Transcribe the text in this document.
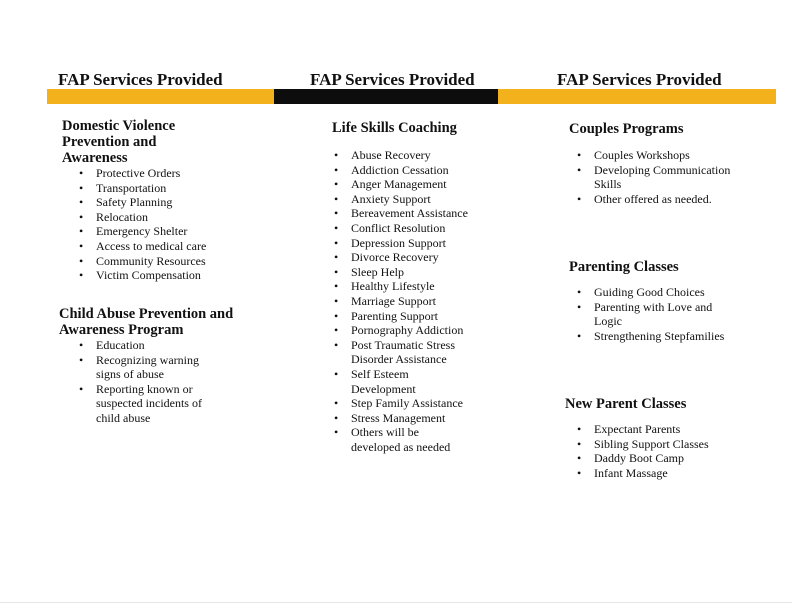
FAP Services Provided	FAP Services Provided	FAP Services Provided
Domestic Violence Prevention and Awareness
• Protective Orders
• Transportation
• Safety Planning
• Relocation
• Emergency Shelter
• Access to medical care
• Community Resources
• Victim Compensation
Child Abuse Prevention and Awareness Program
• Education
• Recognizing warning signs of abuse
• Reporting known or suspected incidents of child abuse
Life Skills Coaching
• Abuse Recovery
• Addiction Cessation
• Anger Management
• Anxiety Support
• Bereavement Assistance
• Conflict Resolution
• Depression Support
• Divorce Recovery
• Sleep Help
• Healthy Lifestyle
• Marriage Support
• Parenting Support
• Pornography Addiction
• Post Traumatic Stress Disorder Assistance
• Self Esteem Development
• Step Family Assistance
• Stress Management
• Others will be developed as needed
Couples Programs
• Couples Workshops
• Developing Communication Skills
• Other offered as needed.
Parenting Classes
• Guiding Good Choices
• Parenting with Love and Logic
• Strengthening Stepfamilies
New Parent Classes
• Expectant Parents
• Sibling Support Classes
• Daddy Boot Camp
• Infant Massage
